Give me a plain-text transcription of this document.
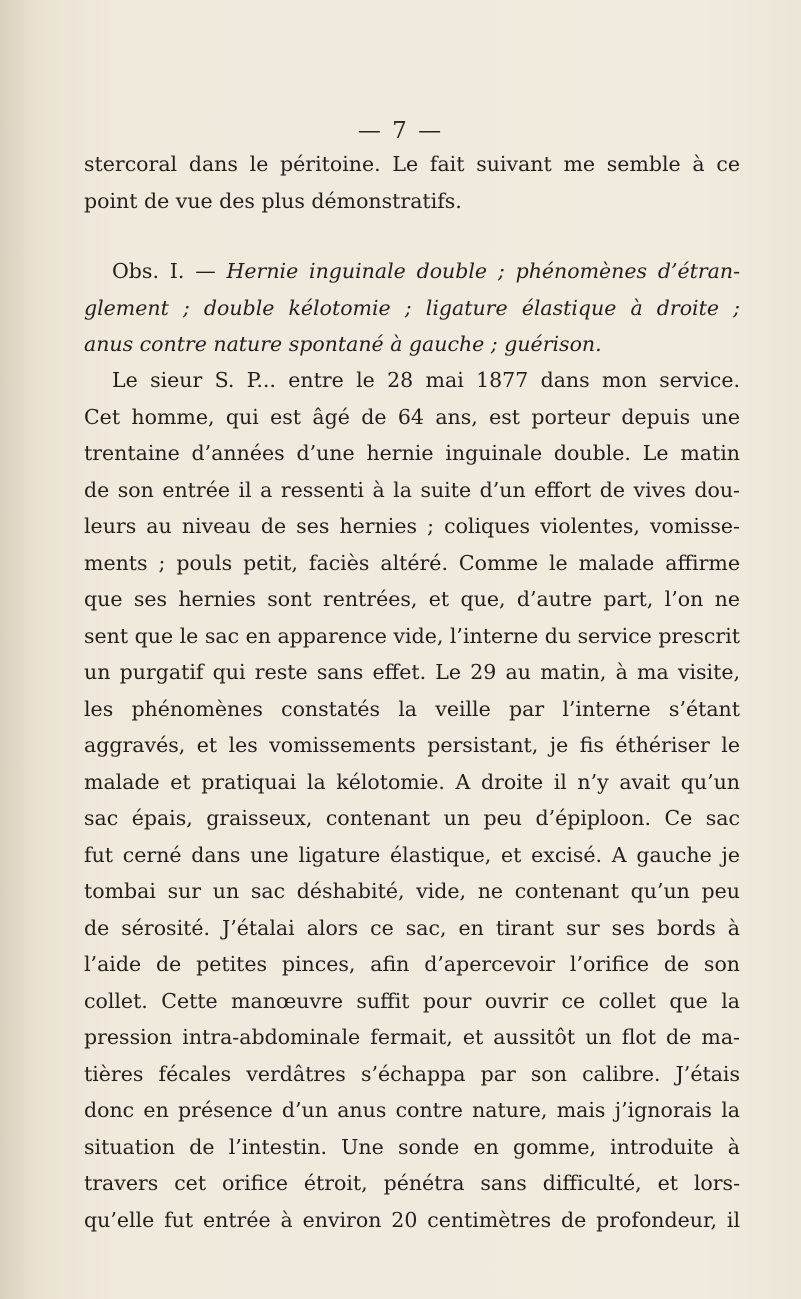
— 7 —
stercoral dans le péritoine. Le fait suivant me semble à ce
point de vue des plus démonstratifs.
Obs. I. — Hernie inguinale double ; phénomènes d’étran-
glement ; double kélotomie ; ligature élastique à droite ;
anus contre nature spontané à gauche ; guérison.
Le sieur S. P... entre le 28 mai 1877 dans mon service.
Cet homme, qui est âgé de 64 ans, est porteur depuis une
trentaine d’années d’une hernie inguinale double. Le matin
de son entrée il a ressenti à la suite d’un effort de vives dou-
leurs au niveau de ses hernies ; coliques violentes, vomisse-
ments ; pouls petit, faciès altéré. Comme le malade affirme
que ses hernies sont rentrées, et que, d’autre part, l’on ne
sent que le sac en apparence vide, l’interne du service prescrit
un purgatif qui reste sans effet. Le 29 au matin, à ma visite,
les phénomènes constatés la veille par l’interne s’étant
aggravés, et les vomissements persistant, je fis éthériser le
malade et pratiquai la kélotomie. A droite il n’y avait qu’un
sac épais, graisseux, contenant un peu d’épiploon. Ce sac
fut cerné dans une ligature élastique, et excisé. A gauche je
tombai sur un sac déshabité, vide, ne contenant qu’un peu
de sérosité. J’étalai alors ce sac, en tirant sur ses bords à
l’aide de petites pinces, afin d’apercevoir l’orifice de son
collet. Cette manœuvre suffit pour ouvrir ce collet que la
pression intra-abdominale fermait, et aussitôt un flot de ma-
tières fécales verdâtres s’échappa par son calibre. J’étais
donc en présence d’un anus contre nature, mais j’ignorais la
situation de l’intestin. Une sonde en gomme, introduite à
travers cet orifice étroit, pénétra sans difficulté, et lors-
qu’elle fut entrée à environ 20 centimètres de profondeur, il
